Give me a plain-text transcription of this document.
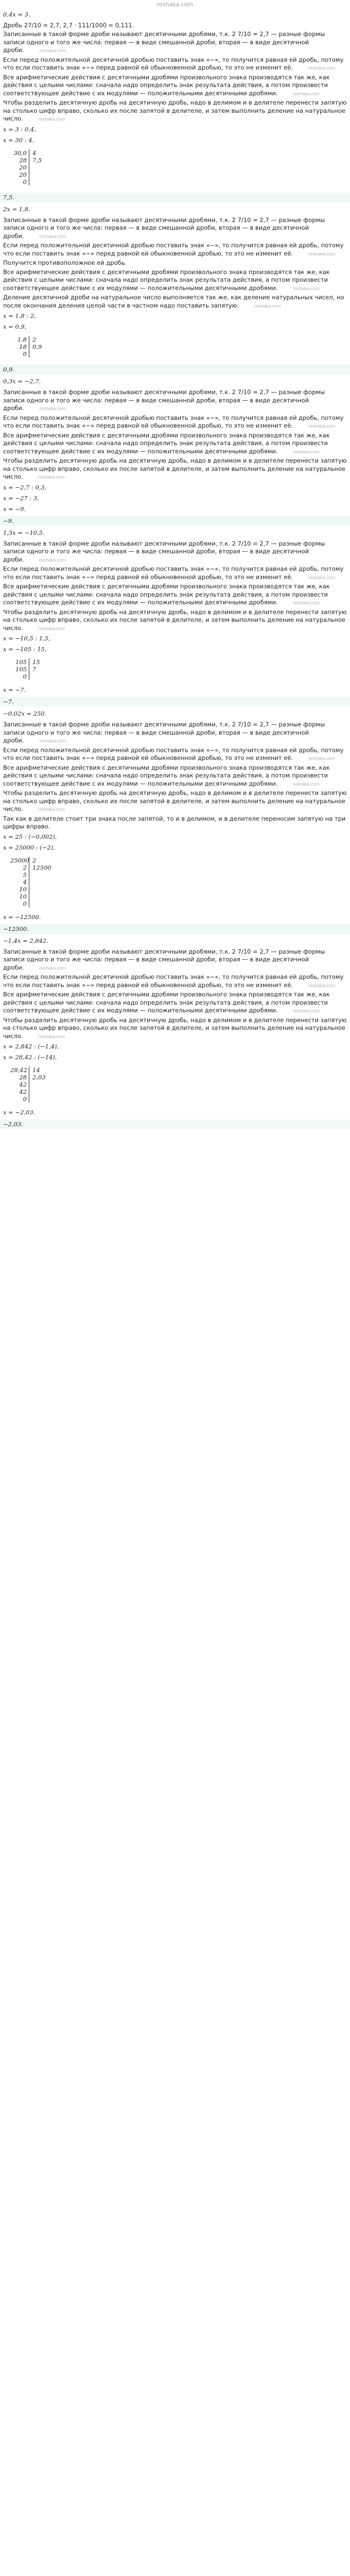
reshaka.com
0,4x = 3.
Дробь 27/10 = 2,7, 2,7 · 111/1000 = 0,111.
Записанные в такой форме дроби называют десятичными дробями, т.к. 2 7/10 = 2,7 — разные формы записи одного и того же числа: первая — в виде смешанной дроби, вторая — в виде десятичной дроби.	reshaka.com
Если перед положительной десятичной дробью поставить знак «−», то получится равная ей дробь, потому что если поставить знак «−» перед равной ей обыкновенной дробью, то это не изменит её.	reshaka.com
Все арифметические действия с десятичными дробями произвольного знака производятся так же, как действия с целыми числами: сначала надо определить знак результата действия, а потом произвести соответствующее действие с их модулями — положительными десятичными дробями.	reshaka.com
Чтобы разделить десятичную дробь на десятичную дробь, надо в делимом и в делителе перенести запятую на столько цифр вправо, сколько их после запятой в делителе, и затем выполнить деление на натуральное число.	reshaka.com
x = 3 : 0,4,
x = 30 : 4,
30,0 4
28 7,5
20
20
0
7,5.
2x = 1,8.
Записанные в такой форме дроби называют десятичными дробями, т.к. 2 7/10 = 2,7 — разные формы записи одного и того же числа: первая — в виде смешанной дроби, вторая — в виде десятичной дроби.	reshaka.com
Если перед положительной десятичной дробью поставить знак «−», то получится равная ей дробь, потому что если поставить знак «−» перед равной ей обыкновенной дробью, то это не изменит её.	reshaka.com
Получится противоположное ей дробь.
Все арифметические действия с десятичными дробями произвольного знака производятся так же, как действия с целыми числами: сначала надо определить знак результата действия, а потом произвести соответствующее действие с их модулями — положительными десятичными дробями.	reshaka.com
Деление десятичной дроби на натуральное число выполняется так же, как деление натуральных чисел, но после окончания деления целой части в частном надо поставить запятую.	reshaka.com
x = 1,8 : 2,
x = 0,9,
1,8 2
18 0,9
0
0,9.
0,3x = −2,7.
Записанные в такой форме дроби называют десятичными дробями, т.к. 2 7/10 = 2,7 — разные формы записи одного и того же числа: первая — в виде смешанной дроби, вторая — в виде десятичной дроби.	reshaka.com
Если перед положительной десятичной дробью поставить знак «−», то получится равная ей дробь, потому что если поставить знак «−» перед равной ей обыкновенной дробью, то это не изменит её.	reshaka.com
Все арифметические действия с десятичными дробями произвольного знака производятся так же, как действия с целыми числами: сначала надо определить знак результата действия, а потом произвести соответствующее действие с их модулями — положительными десятичными дробями.	reshaka.com
Чтобы разделить десятичную дробь на десятичную дробь, надо в делимом и в делителе перенести запятую на столько цифр вправо, сколько их после запятой в делителе, и затем выполнить деление на натуральное число.	reshaka.com
x = −2,7 : 0,3,
x = −27 : 3,
x = −9.
−9.
1,5x = −10,5.
Записанные в такой форме дроби называют десятичными дробями, т.к. 2 7/10 = 2,7 — разные формы записи одного и того же числа: первая — в виде смешанной дроби, вторая — в виде десятичной дроби.	reshaka.com
Если перед положительной десятичной дробью поставить знак «−», то получится равная ей дробь, потому что если поставить знак «−» перед равной ей обыкновенной дробью, то это не изменит её.	reshaka.com
Все арифметические действия с десятичными дробями произвольного знака производятся так же, как действия с целыми числами: сначала надо определить знак результата действия, а потом произвести соответствующее действие с их модулями — положительными десятичными дробями.	reshaka.com
Чтобы разделить десятичную дробь на десятичную дробь, надо в делимом и в делителе перенести запятую на столько цифр вправо, сколько их после запятой в делителе, и затем выполнить деление на натуральное число.	reshaka.com
x = −10,5 : 1,5,
x = −105 : 15,
105 15
105 7
0
x = −7.
−7.
−0,02x = 250.
Записанные в такой форме дроби называют десятичными дробями, т.к. 2 7/10 = 2,7 — разные формы записи одного и того же числа: первая — в виде смешанной дроби, вторая — в виде десятичной дроби.	reshaka.com
Если перед положительной десятичной дробью поставить знак «−», то получится равная ей дробь, потому что если поставить знак «−» перед равной ей обыкновенной дробью, то это не изменит её.	reshaka.com
Все арифметические действия с десятичными дробями произвольного знака производятся так же, как действия с целыми числами: сначала надо определить знак результата действия, а потом произвести соответствующее действие с их модулями — положительными десятичными дробями.	reshaka.com
Чтобы разделить десятичную дробь на десятичную дробь, надо в делимом и в делителе перенести запятую на столько цифр вправо, сколько их после запятой в делителе, и затем выполнить деление на натуральное число.	reshaka.com
Так как в делителе стоит три знака после запятой, то и в делимом, и в делителе переносим запятую на три цифры вправо.
x = 25 : (−0,002),
x = 25000 : (−2),
25000 2
2 12500
5
4
10
10
0
x = −12500.
−12500.
−1,4x = 2,842.
Записанные в такой форме дроби называют десятичными дробями, т.к. 2 7/10 = 2,7 — разные формы записи одного и того же числа: первая — в виде смешанной дроби, вторая — в виде десятичной дроби.	reshaka.com
Если перед положительной десятичной дробью поставить знак «−», то получится равная ей дробь, потому что если поставить знак «−» перед равной ей обыкновенной дробью, то это не изменит её.	reshaka.com
Все арифметические действия с десятичными дробями произвольного знака производятся так же, как действия с целыми числами: сначала надо определить знак результата действия, а потом произвести соответствующее действие с их модулями — положительными десятичными дробями.	reshaka.com
Чтобы разделить десятичную дробь на десятичную дробь, надо в делимом и в делителе перенести запятую на столько цифр вправо, сколько их после запятой в делителе, и затем выполнить деление на натуральное число.	reshaka.com
x = 2,842 : (−1,4),
x = 28,42 : (−14),
28,42 14
28 2,03
42
42
0
x = −2,03.
−2,03.
